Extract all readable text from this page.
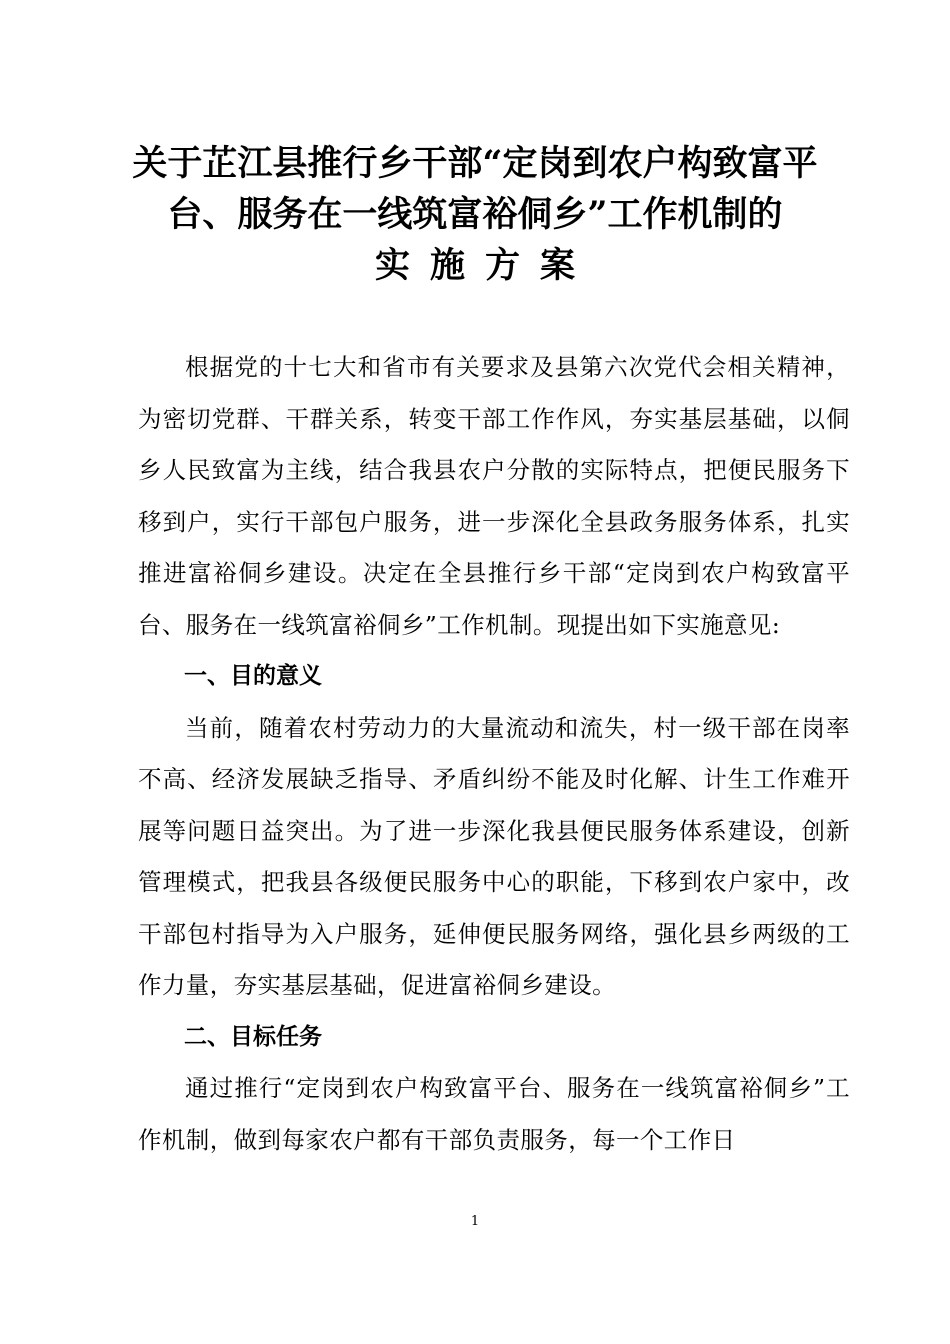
关于芷江县推行乡干部“定岗到农户构致富平
台、服务在一线筑富裕侗乡”工作机制的
实施方案

根据党的十七大和省市有关要求及县第六次党代会相关精神，为密切党群、干群关系，转变干部工作作风，夯实基层基础，以侗乡人民致富为主线，结合我县农户分散的实际特点，把便民服务下移到户，实行干部包户服务，进一步深化全县政务服务体系，扎实推进富裕侗乡建设。决定在全县推行乡干部“定岗到农户构致富平台、服务在一线筑富裕侗乡”工作机制。现提出如下实施意见:

一、目的意义

当前，随着农村劳动力的大量流动和流失，村一级干部在岗率不高、经济发展缺乏指导、矛盾纠纷不能及时化解、计生工作难开展等问题日益突出。为了进一步深化我县便民服务体系建设，创新管理模式，把我县各级便民服务中心的职能，下移到农户家中，改干部包村指导为入户服务，延伸便民服务网络，强化县乡两级的工作力量，夯实基层基础，促进富裕侗乡建设。

二、目标任务

通过推行“定岗到农户构致富平台、服务在一线筑富裕侗乡”工作机制，做到每家农户都有干部负责服务，每一个工作日

1
